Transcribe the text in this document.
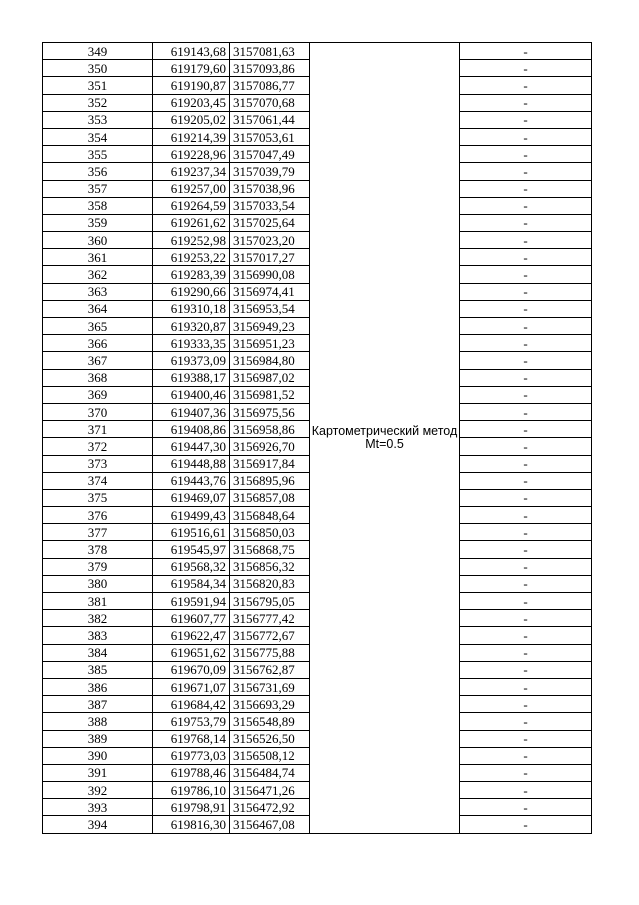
349	619143,68	3157081,63	Картометрический метод Mt=0.5	-
350	619179,60	3157093,86		-
351	619190,87	3157086,77		-
352	619203,45	3157070,68		-
353	619205,02	3157061,44		-
354	619214,39	3157053,61		-
355	619228,96	3157047,49		-
356	619237,34	3157039,79		-
357	619257,00	3157038,96		-
358	619264,59	3157033,54		-
359	619261,62	3157025,64		-
360	619252,98	3157023,20		-
361	619253,22	3157017,27		-
362	619283,39	3156990,08		-
363	619290,66	3156974,41		-
364	619310,18	3156953,54		-
365	619320,87	3156949,23		-
366	619333,35	3156951,23		-
367	619373,09	3156984,80		-
368	619388,17	3156987,02		-
369	619400,46	3156981,52		-
370	619407,36	3156975,56		-
371	619408,86	3156958,86		-
372	619447,30	3156926,70		-
373	619448,88	3156917,84		-
374	619443,76	3156895,96		-
375	619469,07	3156857,08		-
376	619499,43	3156848,64		-
377	619516,61	3156850,03		-
378	619545,97	3156868,75		-
379	619568,32	3156856,32		-
380	619584,34	3156820,83		-
381	619591,94	3156795,05		-
382	619607,77	3156777,42		-
383	619622,47	3156772,67		-
384	619651,62	3156775,88		-
385	619670,09	3156762,87		-
386	619671,07	3156731,69		-
387	619684,42	3156693,29		-
388	619753,79	3156548,89		-
389	619768,14	3156526,50		-
390	619773,03	3156508,12		-
391	619788,46	3156484,74		-
392	619786,10	3156471,26		-
393	619798,91	3156472,92		-
394	619816,30	3156467,08		-
